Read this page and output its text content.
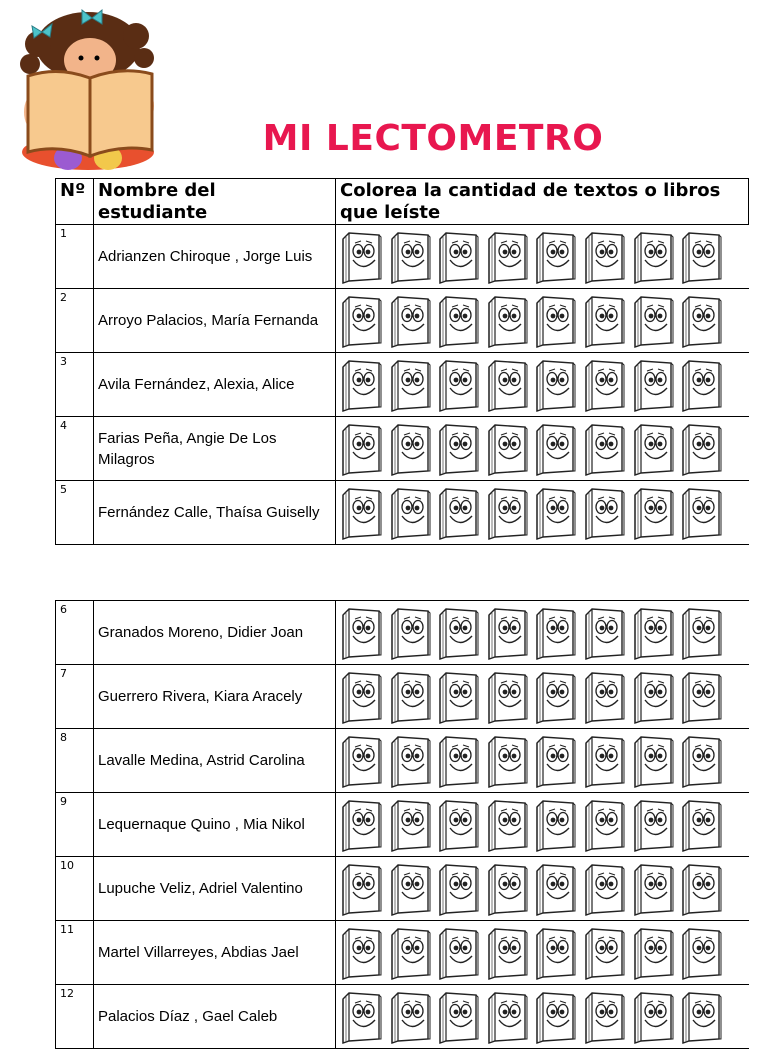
MI LECTOMETRO
Nº	Nombre del estudiante	Colorea la cantidad de textos o libros que leíste
1	Adrianzen Chiroque , Jorge Luis	

2	Arroyo Palacios, María Fernanda	

3	Avila Fernández, Alexia, Alice	

4	Farias Peña, Angie De Los Milagros	

5	Fernández Calle, Thaísa Guiselly	
6	Granados Moreno, Didier Joan	

7	Guerrero Rivera, Kiara Aracely	

8	Lavalle Medina, Astrid Carolina	

9	Lequernaque Quino , Mia Nikol	

10	Lupuche Veliz, Adriel Valentino	

11	Martel Villarreyes, Abdias Jael	

12	Palacios Díaz , Gael Caleb	
